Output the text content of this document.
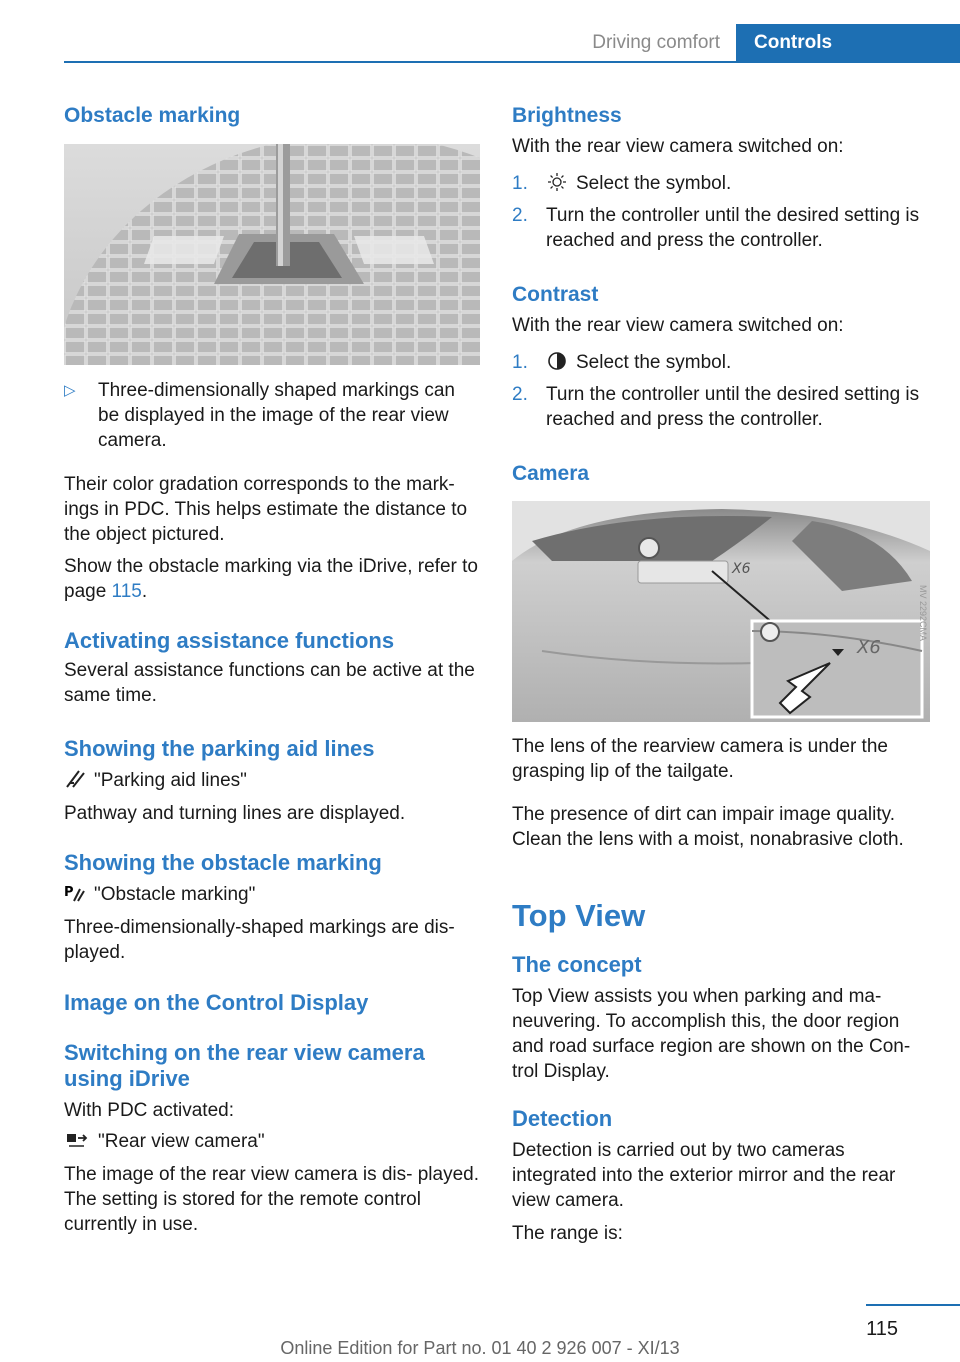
Driving comfort	Controls
Obstacle marking
▷ Three-dimensionally shaped markings can be displayed in the image of the rear view camera.

Their color gradation corresponds to the mark‐ ings in PDC. This helps estimate the distance to the object pictured.

Show the obstacle marking via the iDrive, refer to page 115.

Activating assistance functions

Several assistance functions can be active at the same time.

Showing the parking aid lines

"Parking aid lines"

Pathway and turning lines are displayed.

Showing the obstacle marking

P "Obstacle marking"

Three-dimensionally-shaped markings are dis‐ played.

Image on the Control Display
Switching on the rear view camera using iDrive

With PDC activated:

"Rear view camera"

The image of the rear view camera is dis‐ played. The setting is stored for the remote control currently in use.

Brightness

With the rear view camera switched on:

1.	Select the symbol.
2. Turn the controller until the desired setting is reached and press the controller.
Contrast

With the rear view camera switched on:

1.	Select the symbol.
2. Turn the controller until the desired setting is reached and press the controller.
Camera
X6
X6
MV 2292CMA

The lens of the rearview camera is under the grasping lip of the tailgate.

The presence of dirt can impair image quality. Clean the lens with a moist, nonabrasive cloth.

Top View
The concept

Top View assists you when parking and ma‐ neuvering. To accomplish this, the door region and road surface region are shown on the Con‐ trol Display.

Detection

Detection is carried out by two cameras integrated into the exterior mirror and the rear view camera.

The range is:

115
Online Edition for Part no. 01 40 2 926 007 - XI/13
